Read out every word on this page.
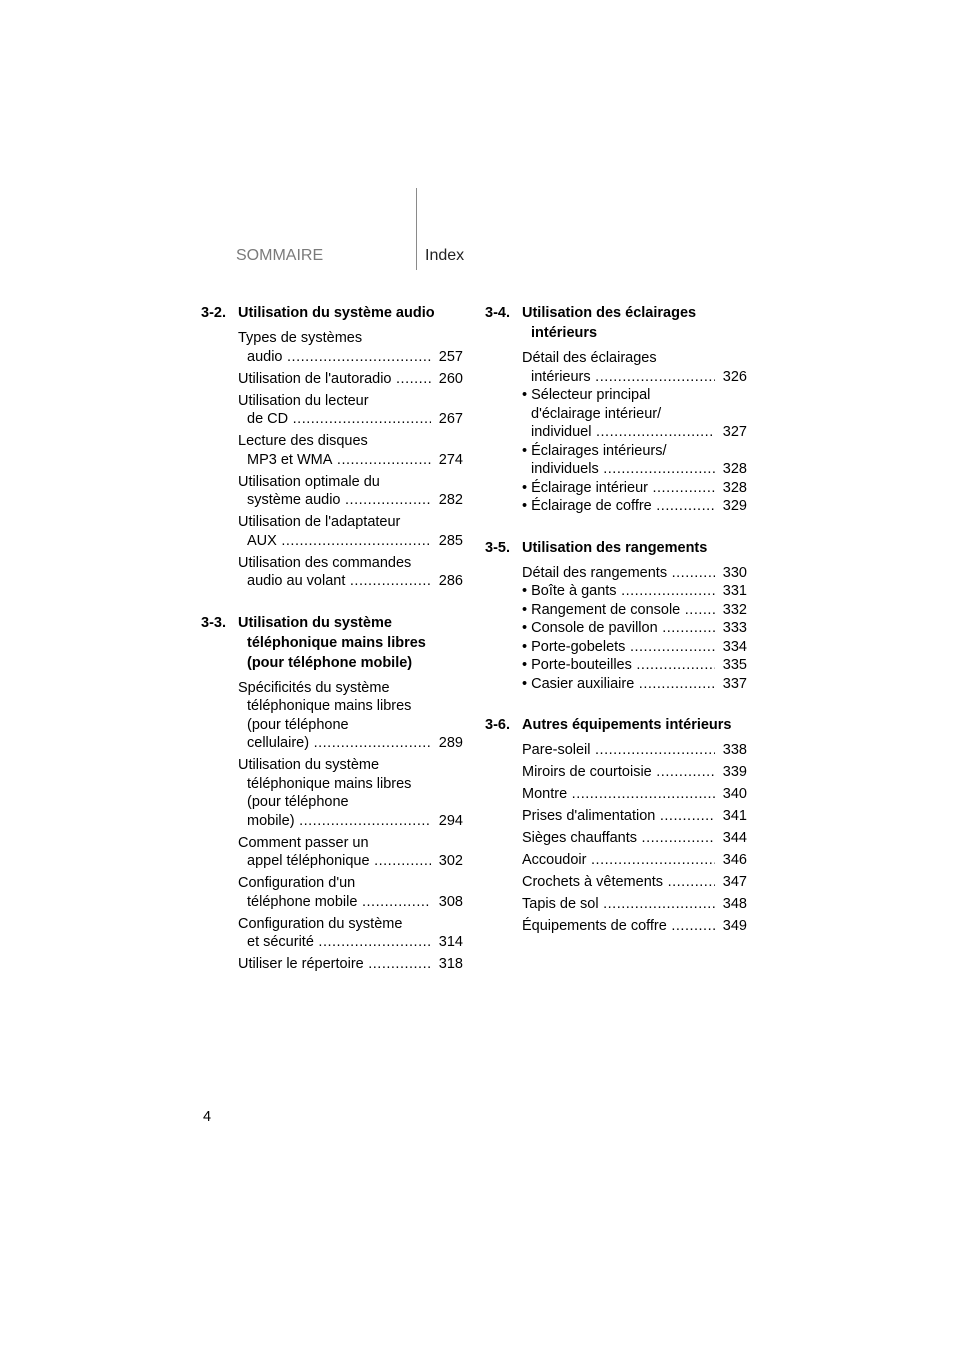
SOMMAIRE	Index
3-2. Utilisation du système audio
Types de systèmes
audio .....	257
Utilisation de l'autoradio .....	260
Utilisation du lecteur
de CD .....	267
Lecture des disques
MP3 et WMA .....	274
Utilisation optimale du
système audio .....	282
Utilisation de l'adaptateur
AUX .....	285
Utilisation des commandes
audio au volant .....	286
3-3. Utilisation du système
téléphonique mains libres
(pour téléphone mobile)
Spécificités du système
téléphonique mains libres
(pour téléphone
cellulaire) .....	289
Utilisation du système
téléphonique mains libres
(pour téléphone
mobile) .....	294
Comment passer un
appel téléphonique .....	302
Configuration d'un
téléphone mobile .....	308
Configuration du système
et sécurité .....	314
Utiliser le répertoire .....	318
3-4. Utilisation des éclairages
intérieurs
Détail des éclairages
intérieurs .....	326
• Sélecteur principal
d'éclairage intérieur/
individuel .....	327
• Éclairages intérieurs/
individuels .....	328
• Éclairage intérieur .....	328
• Éclairage de coffre .....	329
3-5. Utilisation des rangements
Détail des rangements .....	330
• Boîte à gants .....	331
• Rangement de console .....	332
• Console de pavillon .....	333
• Porte-gobelets .....	334
• Porte-bouteilles .....	335
• Casier auxiliaire .....	337
3-6. Autres équipements intérieurs
Pare-soleil .....	338
Miroirs de courtoisie .....	339
Montre .....	340
Prises d'alimentation .....	341
Sièges chauffants .....	344
Accoudoir .....	346
Crochets à vêtements .....	347
Tapis de sol .....	348
Équipements de coffre .....	349
4
